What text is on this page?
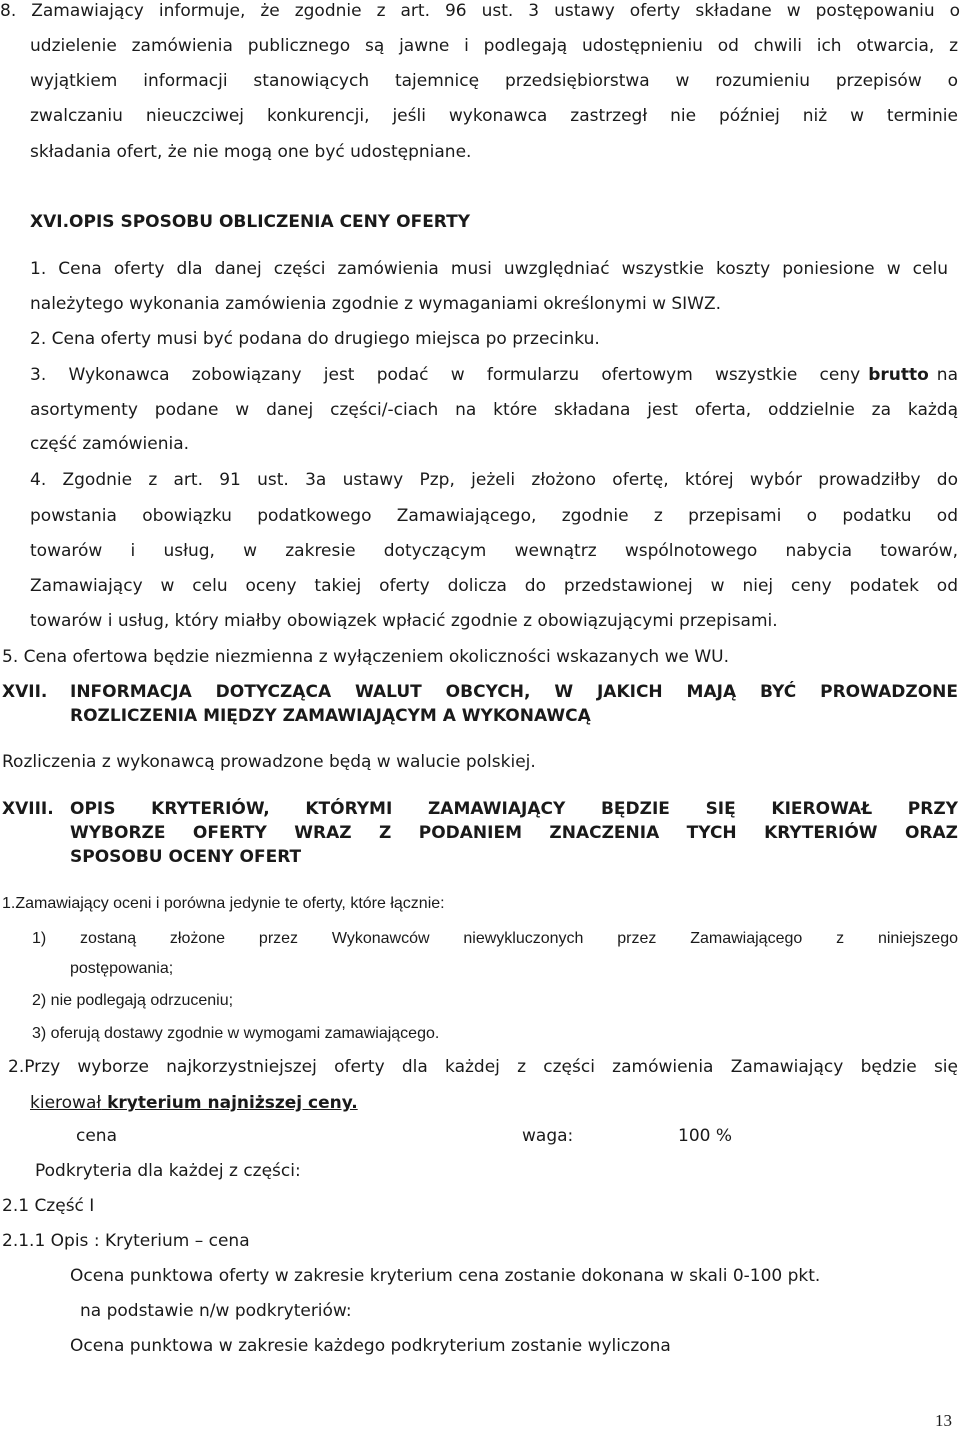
8. Zamawiający informuje, że zgodnie z art. 96 ust. 3 ustawy oferty składane w postępowaniu o
udzielenie zamówienia publicznego są jawne i podlegają udostępnieniu od chwili ich otwarcia, z
wyjątkiem informacji stanowiących tajemnicę przedsiębiorstwa w rozumieniu przepisów o
zwalczaniu nieuczciwej konkurencji, jeśli wykonawca zastrzegł nie później niż w terminie
składania ofert, że nie mogą one być udostępniane.
XVI.OPIS SPOSOBU OBLICZENIA CENY OFERTY
1. Cena oferty dla danej części zamówienia musi uwzględniać wszystkie koszty poniesione w celu
należytego wykonania zamówienia zgodnie z wymaganiami określonymi w SIWZ.
2. Cena oferty musi być podana do drugiego miejsca po przecinku.
3. Wykonawca zobowiązany jest podać w formularzu ofertowym wszystkie ceny brutto na
asortymenty podane w danej części/-ciach na które składana jest oferta, oddzielnie za każdą
część zamówienia.
4. Zgodnie z art. 91 ust. 3a ustawy Pzp, jeżeli złożono ofertę, której wybór prowadziłby do
powstania obowiązku podatkowego Zamawiającego, zgodnie z przepisami o podatku od
towarów i usług, w zakresie dotyczącym wewnątrz wspólnotowego nabycia towarów,
Zamawiający w celu oceny takiej oferty dolicza do przedstawionej w niej ceny podatek od
towarów i usług, który miałby obowiązek wpłacić zgodnie z obowiązującymi przepisami.
5. Cena ofertowa będzie niezmienna z wyłączeniem okoliczności wskazanych we WU.
XVII. INFORMACJA DOTYCZĄCA WALUT OBCYCH, W JAKICH MAJĄ BYĆ PROWADZONE
ROZLICZENIA MIĘDZY ZAMAWIAJĄCYM A WYKONAWCĄ
Rozliczenia z wykonawcą prowadzone będą w walucie polskiej.
XVIII. OPIS KRYTERIÓW, KTÓRYMI ZAMAWIAJĄCY BĘDZIE SIĘ KIEROWAŁ PRZY
WYBORZE OFERTY WRAZ Z PODANIEM ZNACZENIA TYCH KRYTERIÓW ORAZ
SPOSOBU OCENY OFERT
1.Zamawiający oceni i porówna jedynie te oferty, które łącznie:
1) zostaną złożone przez Wykonawców niewykluczonych przez Zamawiającego z niniejszego
postępowania;
2) nie podlegają odrzuceniu;
3) oferują dostawy zgodnie w wymogami zamawiającego.
2.Przy wyborze najkorzystniejszej oferty dla każdej z części zamówienia Zamawiający będzie się
kierował kryterium najniższej ceny.
cena	waga:	100 %
Podkryteria dla każdej z części:
2.1 Część I
2.1.1 Opis : Kryterium – cena
Ocena punktowa oferty w zakresie kryterium cena zostanie dokonana w skali 0-100 pkt.
na podstawie n/w podkryteriów:
Ocena punktowa w zakresie każdego podkryterium zostanie wyliczona
13
